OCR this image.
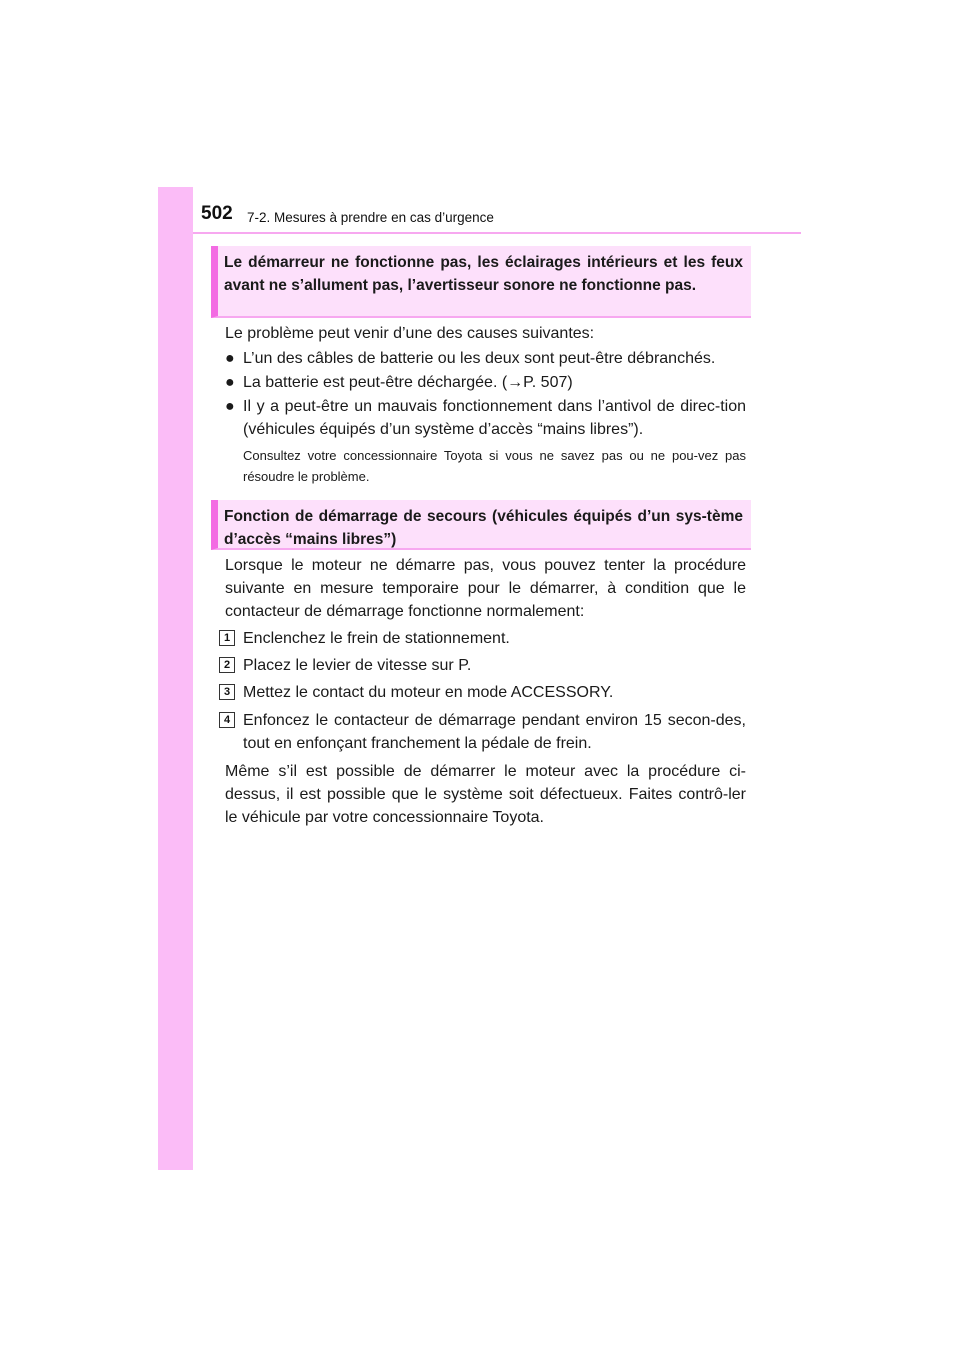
502 7-2. Mesures à prendre en cas d’urgence
Le démarreur ne fonctionne pas, les éclairages intérieurs et les feux avant ne s’allument pas, l’avertisseur sonore ne fonctionne pas.
Le problème peut venir d’une des causes suivantes:
● L’un des câbles de batterie ou les deux sont peut-être débranchés.
● La batterie est peut-être déchargée. (→P. 507)
● Il y a peut-être un mauvais fonctionnement dans l’antivol de direc-tion (véhicules équipés d’un système d’accès “mains libres”).
Consultez votre concessionnaire Toyota si vous ne savez pas ou ne pou-vez pas résoudre le problème.
Fonction de démarrage de secours (véhicules équipés d’un sys-tème d’accès “mains libres”)
Lorsque le moteur ne démarre pas, vous pouvez tenter la procédure suivante en mesure temporaire pour le démarrer, à condition que le contacteur de démarrage fonctionne normalement:
1 Enclenchez le frein de stationnement.
2 Placez le levier de vitesse sur P.
3 Mettez le contact du moteur en mode ACCESSORY.
4 Enfoncez le contacteur de démarrage pendant environ 15 secon-des, tout en enfonçant franchement la pédale de frein.
Même s’il est possible de démarrer le moteur avec la procédure ci-dessus, il est possible que le système soit défectueux. Faites contrô-ler le véhicule par votre concessionnaire Toyota.
